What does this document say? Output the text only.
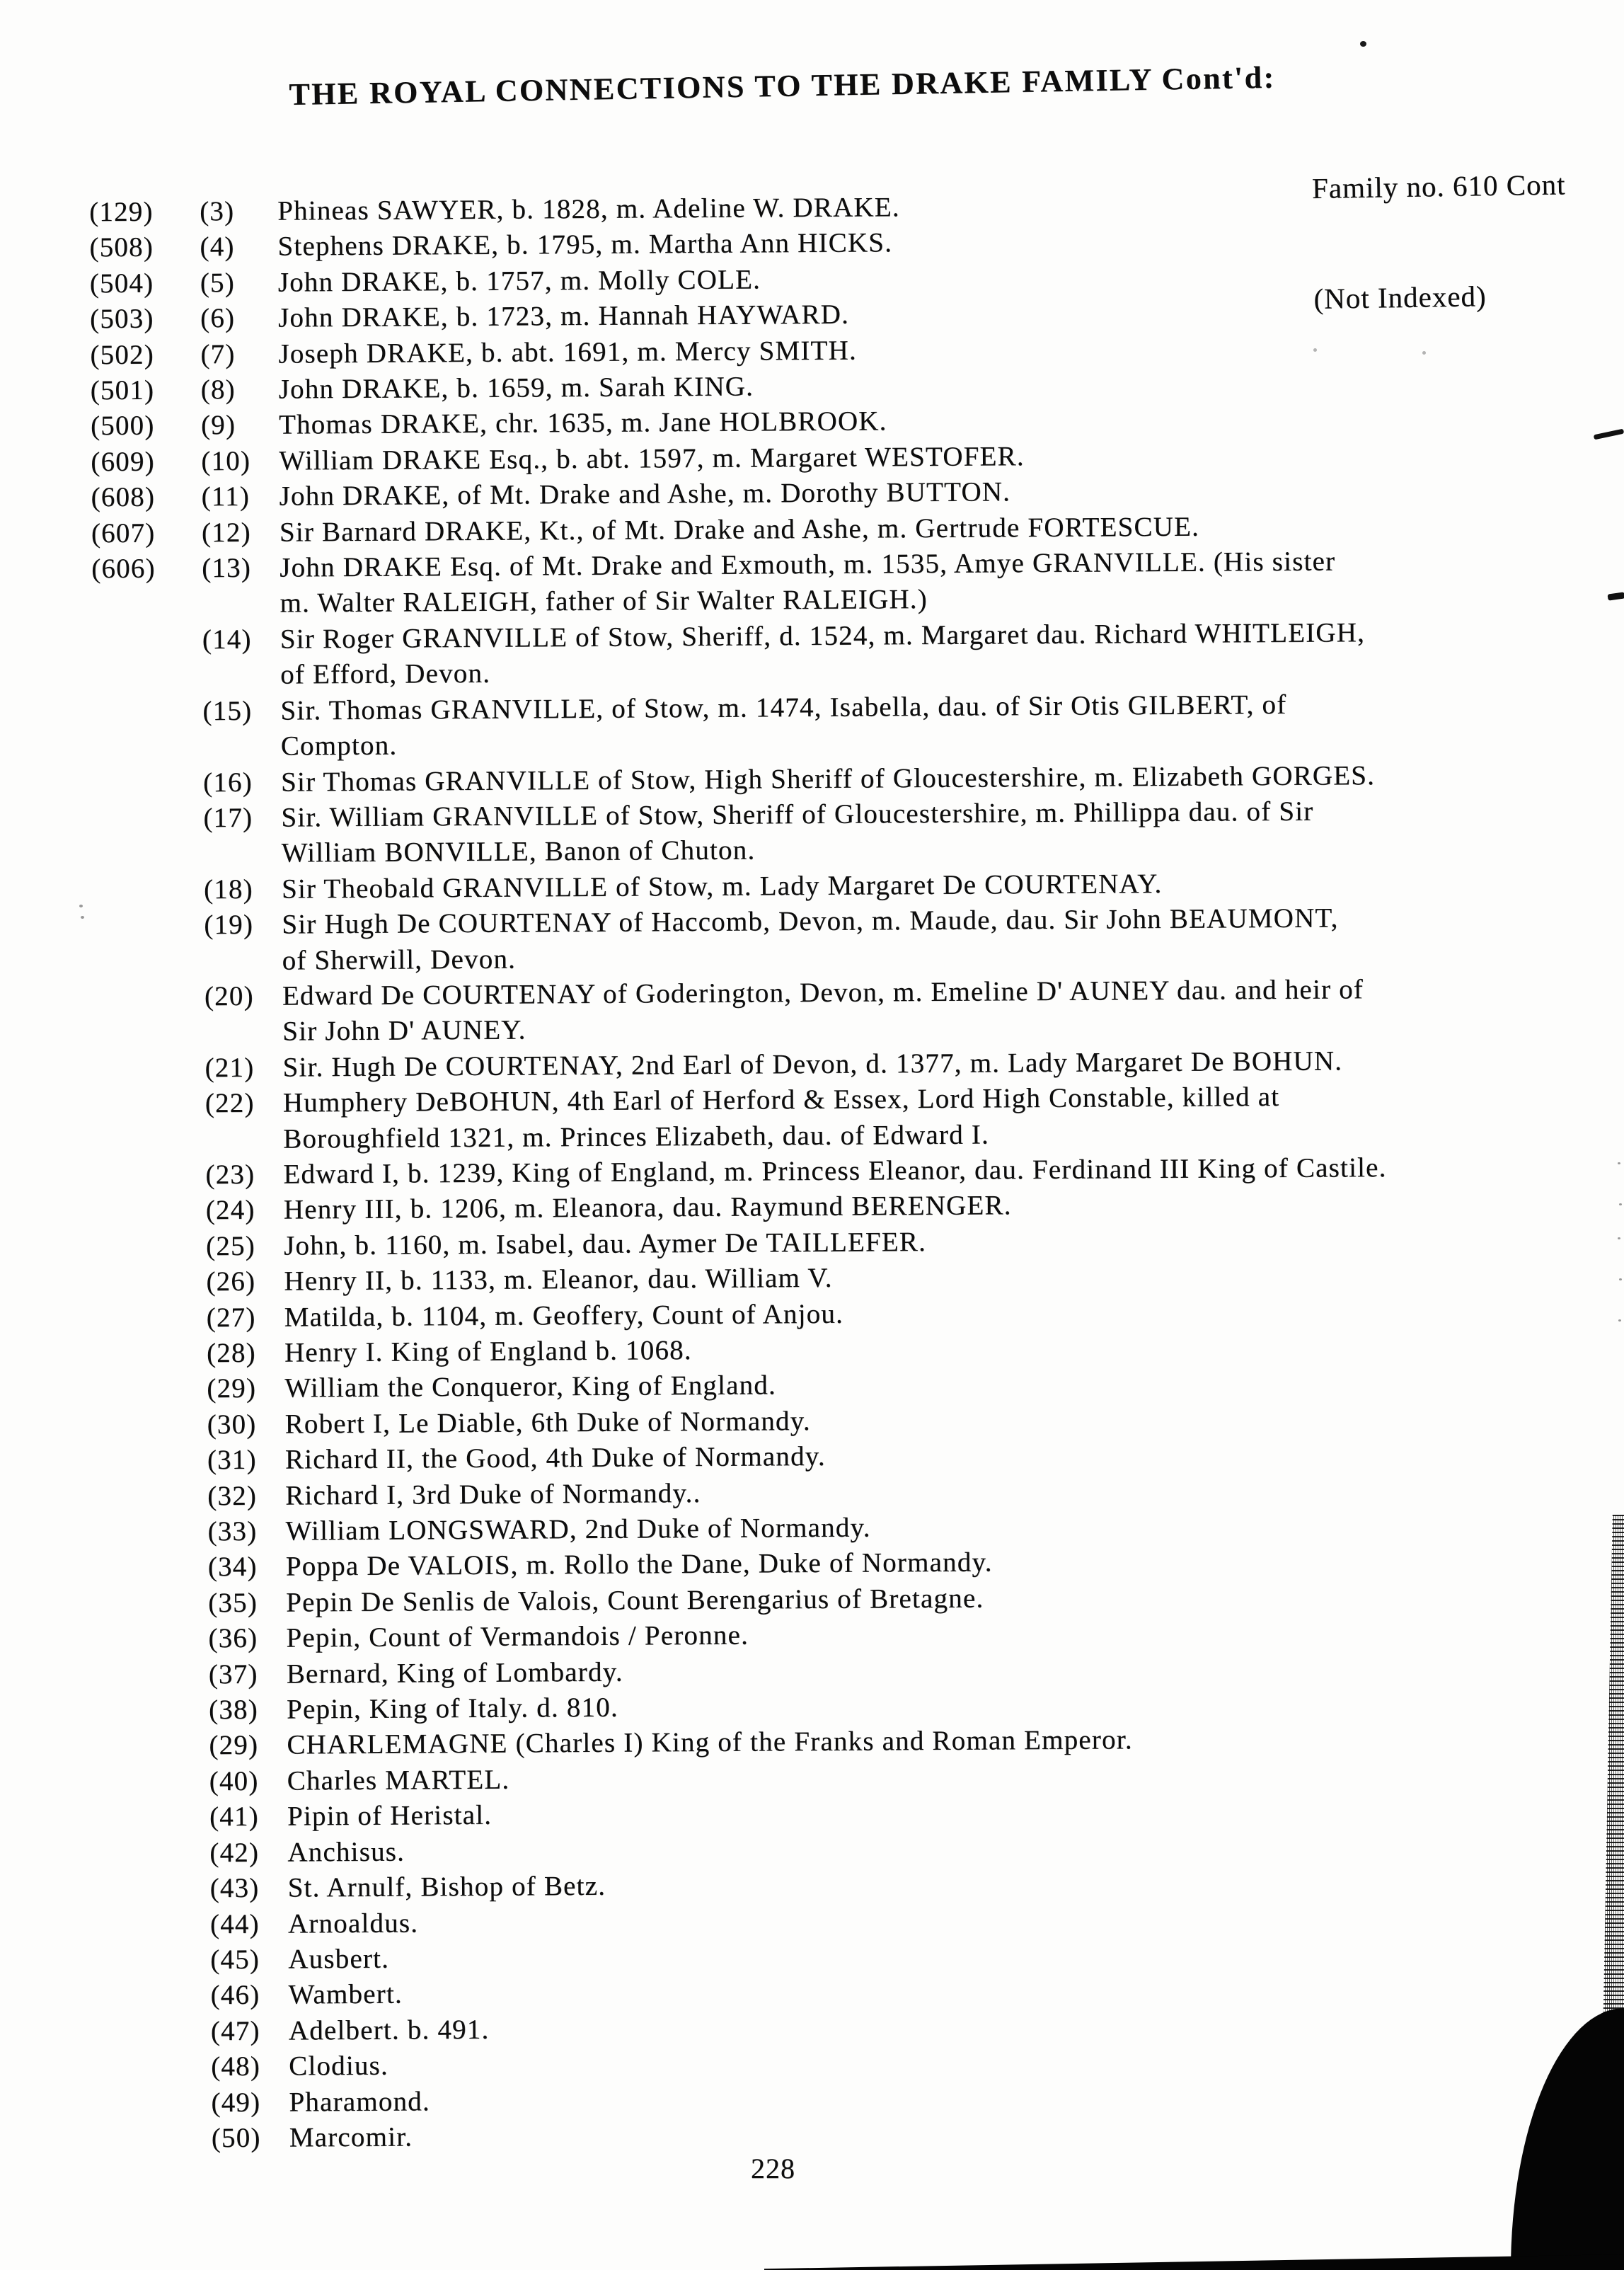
THE ROYAL CONNECTIONS TO THE DRAKE FAMILY Cont'd:

Family no. 610 Cont

(Not Indexed)

(129)	(3)	Phineas SAWYER, b. 1828, m. Adeline W. DRAKE.
(508)	(4)	Stephens DRAKE, b. 1795, m. Martha Ann HICKS.
(504)	(5)	John DRAKE, b. 1757, m. Molly COLE.
(503)	(6)	John DRAKE, b. 1723, m. Hannah HAYWARD.
(502)	(7)	Joseph DRAKE, b. abt. 1691, m. Mercy SMITH.
(501)	(8)	John DRAKE, b. 1659, m. Sarah KING.
(500)	(9)	Thomas DRAKE, chr. 1635, m. Jane HOLBROOK.
(609)	(10)	William DRAKE Esq., b. abt. 1597, m. Margaret WESTOFER.
(608)	(11)	John DRAKE, of Mt. Drake and Ashe, m. Dorothy BUTTON.
(607)	(12)	Sir Barnard DRAKE, Kt., of Mt. Drake and Ashe, m. Gertrude FORTESCUE.
(606)	(13)	John DRAKE Esq. of Mt. Drake and Exmouth, m. 1535, Amye GRANVILLE. (His sister
m. Walter RALEIGH, father of Sir Walter RALEIGH.)
(14)	Sir Roger GRANVILLE of Stow, Sheriff, d. 1524, m. Margaret dau. Richard WHITLEIGH,
of Efford, Devon.
(15)	Sir. Thomas GRANVILLE, of Stow, m. 1474, Isabella, dau. of Sir Otis GILBERT, of
Compton.
(16)	Sir Thomas GRANVILLE of Stow, High Sheriff of Gloucestershire, m. Elizabeth GORGES.
(17)	Sir. William GRANVILLE of Stow, Sheriff of Gloucestershire, m. Phillippa dau. of Sir
William BONVILLE, Banon of Chuton.
(18)	Sir Theobald GRANVILLE of Stow, m. Lady Margaret De COURTENAY.
(19)	Sir Hugh De COURTENAY of Haccomb, Devon, m. Maude, dau. Sir John BEAUMONT,
of Sherwill, Devon.
(20)	Edward De COURTENAY of Goderington, Devon, m. Emeline D' AUNEY dau. and heir of
Sir John D' AUNEY.
(21)	Sir. Hugh De COURTENAY, 2nd Earl of Devon, d. 1377, m. Lady Margaret De BOHUN.
(22)	Humphery DeBOHUN, 4th Earl of Herford & Essex, Lord High Constable, killed at
Boroughfield 1321, m. Princes Elizabeth, dau. of Edward I.
(23)	Edward I, b. 1239, King of England, m. Princess Eleanor, dau. Ferdinand III King of Castile.
(24)	Henry III, b. 1206, m. Eleanora, dau. Raymund BERENGER.
(25)	John, b. 1160, m. Isabel, dau. Aymer De TAILLEFER.
(26)	Henry II, b. 1133, m. Eleanor, dau. William V.
(27)	Matilda, b. 1104, m. Geoffery, Count of Anjou.
(28)	Henry I. King of England b. 1068.
(29)	William the Conqueror, King of England.
(30)	Robert I, Le Diable, 6th Duke of Normandy.
(31)	Richard II, the Good, 4th Duke of Normandy.
(32)	Richard I, 3rd Duke of Normandy..
(33)	William LONGSWARD, 2nd Duke of Normandy.
(34)	Poppa De VALOIS, m. Rollo the Dane, Duke of Normandy.
(35)	Pepin De Senlis de Valois, Count Berengarius of Bretagne.
(36)	Pepin, Count of Vermandois / Peronne.
(37)	Bernard, King of Lombardy.
(38)	Pepin, King of Italy. d. 810.
(29)	CHARLEMAGNE (Charles I) King of the Franks and Roman Emperor.
(40)	Charles MARTEL.
(41)	Pipin of Heristal.
(42)	Anchisus.
(43)	St. Arnulf, Bishop of Betz.
(44)	Arnoaldus.
(45)	Ausbert.
(46)	Wambert.
(47)	Adelbert. b. 491.
(48)	Clodius.
(49)	Pharamond.
(50)	Marcomir.
228
